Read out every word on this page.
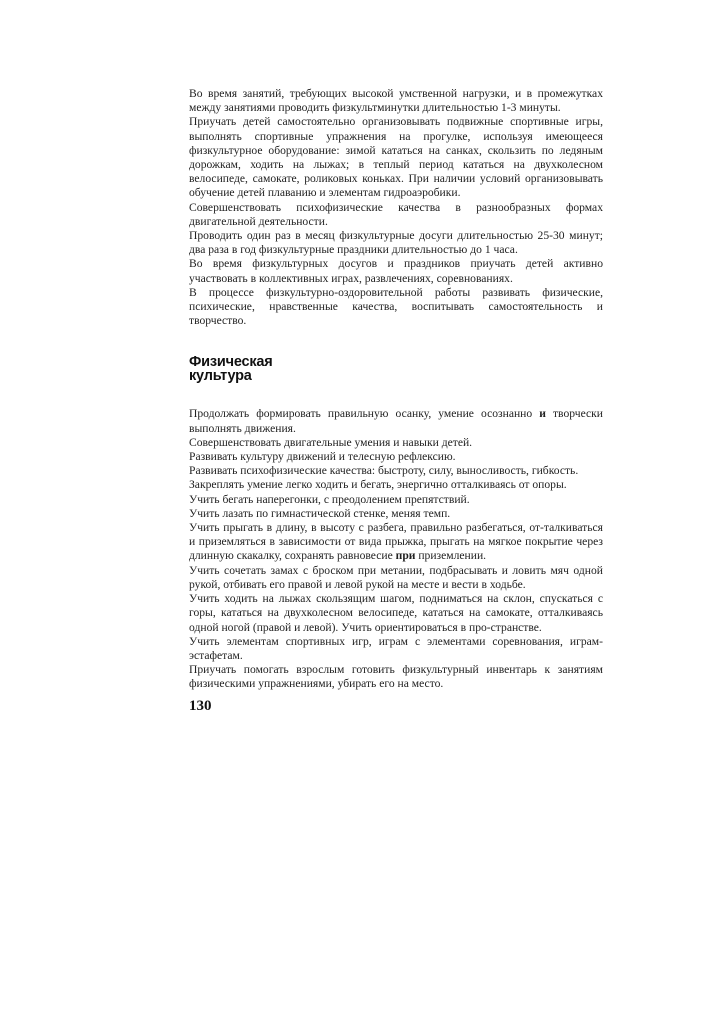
Во время занятий, требующих высокой умственной нагрузки, и в промежутках между занятиями проводить физкультминутки длительностью 1-3 минуты.

Приучать детей самостоятельно организовывать подвижные спортивные игры, выполнять спортивные упражнения на прогулке, используя имеющееся физкультурное оборудование: зимой кататься на санках, скользить по ледяным дорожкам, ходить на лыжах; в теплый период кататься на двухколесном велосипеде, самокате, роликовых коньках. При наличии условий организовывать обучение детей плаванию и элементам гидроаэробики.

Совершенствовать психофизические качества в разнообразных формах двигательной деятельности.

Проводить один раз в месяц физкультурные досуги длительностью 25-30 минут; два раза в год физкультурные праздники длительностью до 1 часа.

Во время физкультурных досугов и праздников приучать детей активно участвовать в коллективных играх, развлечениях, соревнованиях.

В процессе физкультурно-оздоровительной работы развивать физические, психические, нравственные качества, воспитывать самостоятельность и творчество.

Физическая
культура

Продолжать формировать правильную осанку, умение осознанно и творчески выполнять движения.

Совершенствовать двигательные умения и навыки детей.

Развивать культуру движений и телесную рефлексию.

Развивать психофизические качества: быстроту, силу, выносливость, гибкость.

Закреплять умение легко ходить и бегать, энергично отталкиваясь от опоры.

Учить бегать наперегонки, с преодолением препятствий.

Учить лазать по гимнастической стенке, меняя темп.

Учить прыгать в длину, в высоту с разбега, правильно разбегаться, от-талкиваться и приземляться в зависимости от вида прыжка, прыгать на мягкое покрытие через длинную скакалку, сохранять равновесие при приземлении.

Учить сочетать замах с броском при метании, подбрасывать и ловить мяч одной рукой, отбивать его правой и левой рукой на месте и вести в ходьбе.

Учить ходить на лыжах скользящим шагом, подниматься на склон, спускаться с горы, кататься на двухколесном велосипеде, кататься на самокате, отталкиваясь одной ногой (правой и левой). Учить ориентироваться в про-странстве.

Учить элементам спортивных игр, играм с элементами соревнования, играм-эстафетам.

Приучать помогать взрослым готовить физкультурный инвентарь к занятиям физическими упражнениями, убирать его на место.

130
